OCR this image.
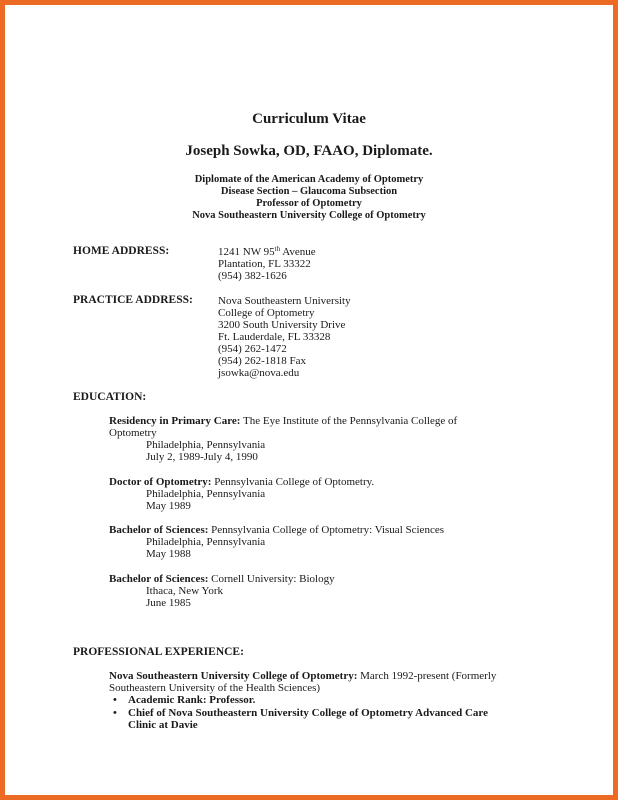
Curriculum Vitae
Joseph Sowka, OD, FAAO, Diplomate.
Diplomate of the American Academy of Optometry
Disease Section – Glaucoma Subsection
Professor of Optometry
Nova Southeastern University College of Optometry
HOME ADDRESS:	1241 NW 95th Avenue
Plantation, FL 33322
(954) 382-1626
PRACTICE ADDRESS: Nova Southeastern University
College of Optometry
3200 South University Drive
Ft. Lauderdale, FL 33328
(954) 262-1472
(954) 262-1818 Fax
jsowka@nova.edu
EDUCATION:
Residency in Primary Care: The Eye Institute of the Pennsylvania College of
Optometry
Philadelphia, Pennsylvania
July 2, 1989-July 4, 1990
Doctor of Optometry: Pennsylvania College of Optometry.
Philadelphia, Pennsylvania
May 1989
Bachelor of Sciences: Pennsylvania College of Optometry: Visual Sciences
Philadelphia, Pennsylvania
May 1988
Bachelor of Sciences: Cornell University: Biology
Ithaca, New York
June 1985
PROFESSIONAL EXPERIENCE:
Nova Southeastern University College of Optometry: March 1992-present (Formerly
Southeastern University of the Health Sciences)
• Academic Rank: Professor.
• Chief of Nova Southeastern University College of Optometry Advanced Care
Clinic at Davie
